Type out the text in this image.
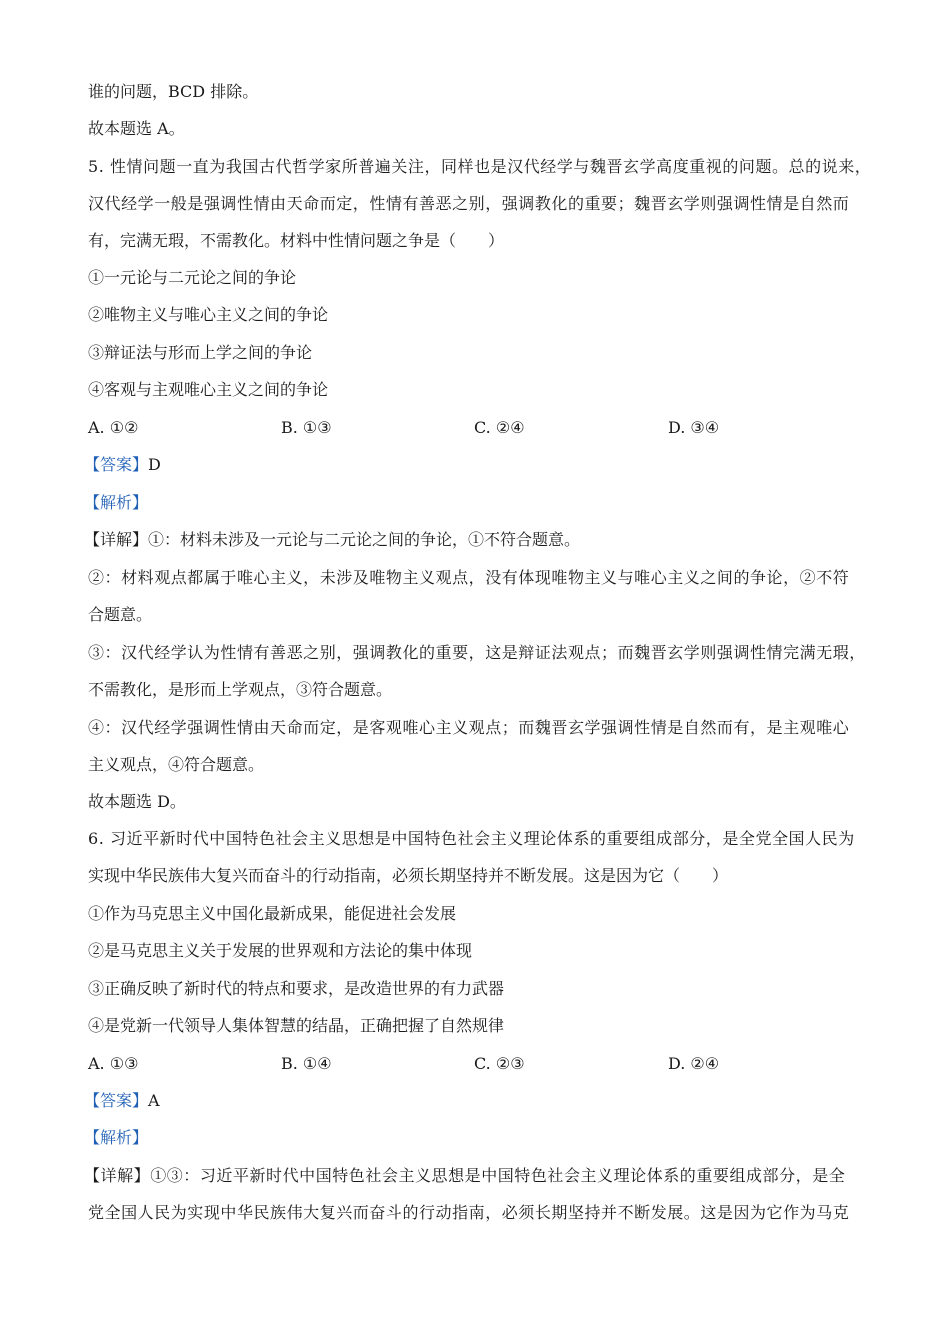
谁的问题，BCD 排除。
故本题选 A。
5. 性情问题一直为我国古代哲学家所普遍关注，同样也是汉代经学与魏晋玄学高度重视的问题。总的说来，
汉代经学一般是强调性情由天命而定，性情有善恶之别，强调教化的重要；魏晋玄学则强调性情是自然而
有，完满无瑕，不需教化。材料中性情问题之争是（　　）
①一元论与二元论之间的争论
②唯物主义与唯心主义之间的争论
③辩证法与形而上学之间的争论
④客观与主观唯心主义之间的争论
A. ①②	B. ①③	C. ②④	D. ③④
【答案】D
【解析】
【详解】①：材料未涉及一元论与二元论之间的争论，①不符合题意。
②：材料观点都属于唯心主义，未涉及唯物主义观点，没有体现唯物主义与唯心主义之间的争论，②不符
合题意。
③：汉代经学认为性情有善恶之别，强调教化的重要，这是辩证法观点；而魏晋玄学则强调性情完满无瑕，
不需教化，是形而上学观点，③符合题意。
④：汉代经学强调性情由天命而定，是客观唯心主义观点；而魏晋玄学强调性情是自然而有，是主观唯心
主义观点，④符合题意。
故本题选 D。
6. 习近平新时代中国特色社会主义思想是中国特色社会主义理论体系的重要组成部分，是全党全国人民为
实现中华民族伟大复兴而奋斗的行动指南，必须长期坚持并不断发展。这是因为它（　　）
①作为马克思主义中国化最新成果，能促进社会发展
②是马克思主义关于发展的世界观和方法论的集中体现
③正确反映了新时代的特点和要求，是改造世界的有力武器
④是党新一代领导人集体智慧的结晶，正确把握了自然规律
A. ①③	B. ①④	C. ②③	D. ②④
【答案】A
【解析】
【详解】①③：习近平新时代中国特色社会主义思想是中国特色社会主义理论体系的重要组成部分，是全
党全国人民为实现中华民族伟大复兴而奋斗的行动指南，必须长期坚持并不断发展。这是因为它作为马克
